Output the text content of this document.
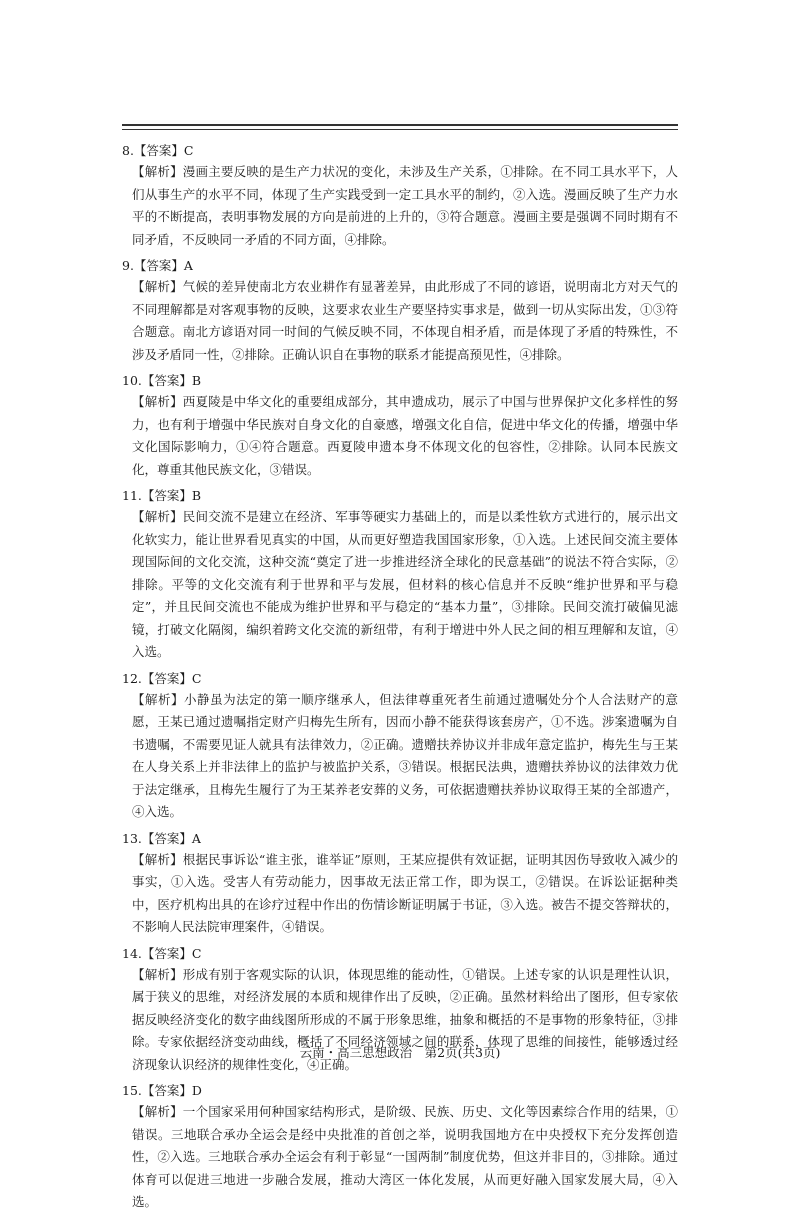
8.【答案】C

【解析】漫画主要反映的是生产力状况的变化，未涉及生产关系，①排除。在不同工具水平下，人们从事生产的水平不同，体现了生产实践受到一定工具水平的制约，②入选。漫画反映了生产力水平的不断提高，表明事物发展的方向是前进的上升的，③符合题意。漫画主要是强调不同时期有不同矛盾，不反映同一矛盾的不同方面，④排除。

9.【答案】A

【解析】气候的差异使南北方农业耕作有显著差异，由此形成了不同的谚语，说明南北方对天气的不同理解都是对客观事物的反映，这要求农业生产要坚持实事求是，做到一切从实际出发，①③符合题意。南北方谚语对同一时间的气候反映不同，不体现自相矛盾，而是体现了矛盾的特殊性，不涉及矛盾同一性，②排除。正确认识自在事物的联系才能提高预见性，④排除。

10.【答案】B

【解析】西夏陵是中华文化的重要组成部分，其申遗成功，展示了中国与世界保护文化多样性的努力，也有利于增强中华民族对自身文化的自豪感，增强文化自信，促进中华文化的传播，增强中华文化国际影响力，①④符合题意。西夏陵申遗本身不体现文化的包容性，②排除。认同本民族文化，尊重其他民族文化，③错误。

11.【答案】B

【解析】民间交流不是建立在经济、军事等硬实力基础上的，而是以柔性软方式进行的，展示出文化软实力，能让世界看见真实的中国，从而更好塑造我国国家形象，①入选。上述民间交流主要体现国际间的文化交流，这种交流“奠定了进一步推进经济全球化的民意基础”的说法不符合实际，②排除。平等的文化交流有利于世界和平与发展，但材料的核心信息并不反映“维护世界和平与稳定”，并且民间交流也不能成为维护世界和平与稳定的“基本力量”，③排除。民间交流打破偏见滤镜，打破文化隔阂，编织着跨文化交流的新纽带，有利于增进中外人民之间的相互理解和友谊，④入选。

12.【答案】C

【解析】小静虽为法定的第一顺序继承人，但法律尊重死者生前通过遗嘱处分个人合法财产的意愿，王某已通过遗嘱指定财产归梅先生所有，因而小静不能获得该套房产，①不选。涉案遗嘱为自书遗嘱，不需要见证人就具有法律效力，②正确。遗赠扶养协议并非成年意定监护，梅先生与王某在人身关系上并非法律上的监护与被监护关系，③错误。根据民法典，遗赠扶养协议的法律效力优于法定继承，且梅先生履行了为王某养老安葬的义务，可依据遗赠扶养协议取得王某的全部遗产，④入选。

13.【答案】A

【解析】根据民事诉讼“谁主张，谁举证”原则，王某应提供有效证据，证明其因伤导致收入减少的事实，①入选。受害人有劳动能力，因事故无法正常工作，即为误工，②错误。在诉讼证据种类中，医疗机构出具的在诊疗过程中作出的伤情诊断证明属于书证，③入选。被告不提交答辩状的，不影响人民法院审理案件，④错误。

14.【答案】C

【解析】形成有别于客观实际的认识，体现思维的能动性，①错误。上述专家的认识是理性认识，属于狭义的思维，对经济发展的本质和规律作出了反映，②正确。虽然材料给出了图形，但专家依据反映经济变化的数字曲线图所形成的不属于形象思维，抽象和概括的不是事物的形象特征，③排除。专家依据经济变动曲线，概括了不同经济领域之间的联系，体现了思维的间接性，能够透过经济现象认识经济的规律性变化，④正确。

15.【答案】D

【解析】一个国家采用何种国家结构形式，是阶级、民族、历史、文化等因素综合作用的结果，①错误。三地联合承办全运会是经中央批准的首创之举，说明我国地方在中央授权下充分发挥创造性，②入选。三地联合承办全运会有利于彰显“一国两制”制度优势，但这并非目的，③排除。通过体育可以促进三地进一步融合发展，推动大湾区一体化发展，从而更好融入国家发展大局，④入选。

云南・高三思想政治　第2页(共3页)
